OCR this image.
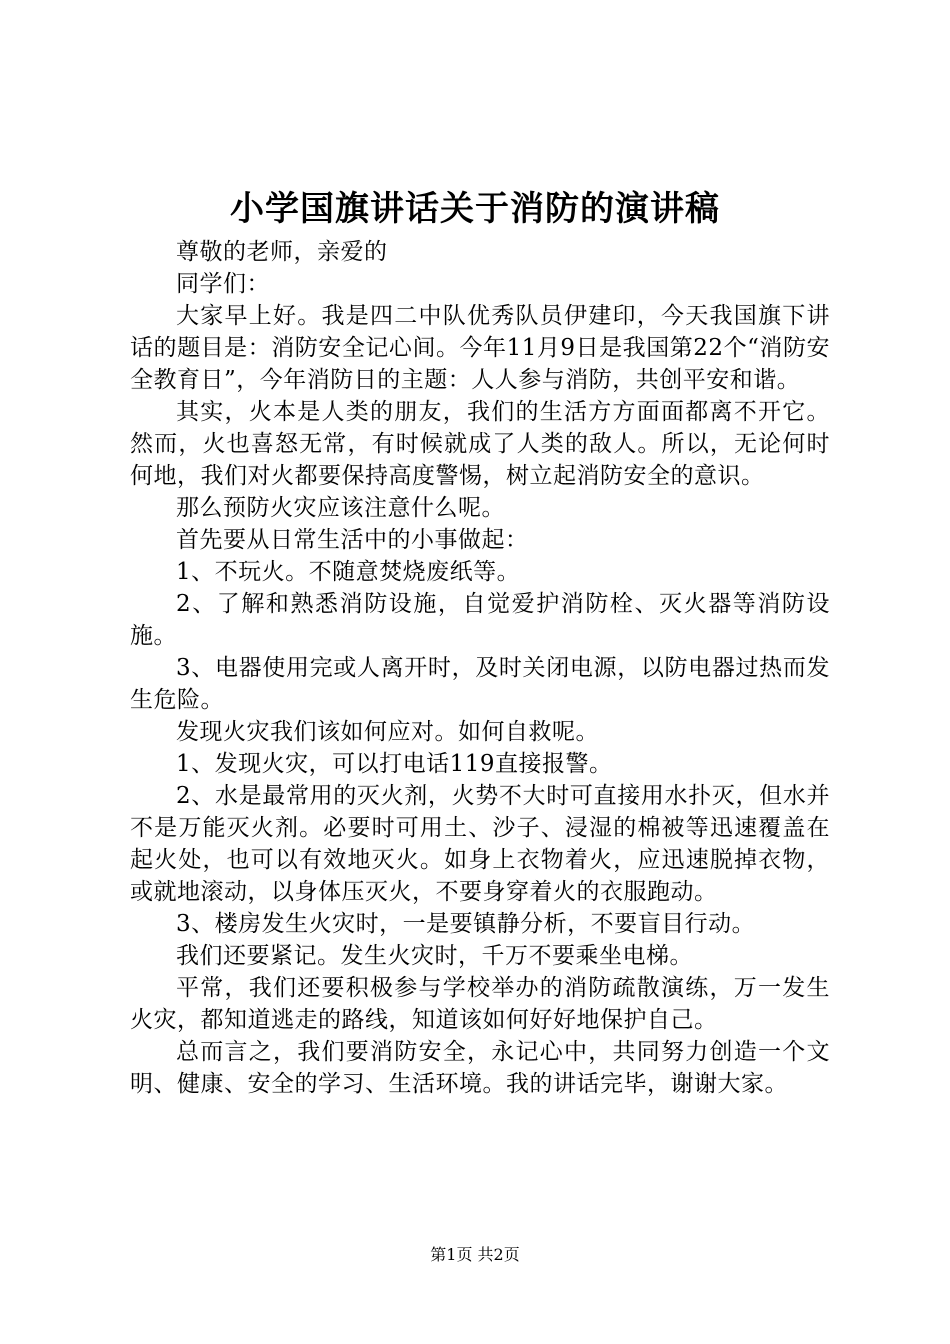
小学国旗讲话关于消防的演讲稿

尊敬的老师，亲爱的

同学们：

大家早上好。我是四二中队优秀队员伊建印，今天我国旗下讲话的题目是：消防安全记心间。今年11月9日是我国第22个“消防安全教育日”，今年消防日的主题：人人参与消防，共创平安和谐。

其实，火本是人类的朋友，我们的生活方方面面都离不开它。然而，火也喜怒无常，有时候就成了人类的敌人。所以，无论何时何地，我们对火都要保持高度警惕，树立起消防安全的意识。

那么预防火灾应该注意什么呢。

首先要从日常生活中的小事做起：

1、不玩火。不随意焚烧废纸等。

2、了解和熟悉消防设施，自觉爱护消防栓、灭火器等消防设施。

3、电器使用完或人离开时，及时关闭电源，以防电器过热而发生危险。

发现火灾我们该如何应对。如何自救呢。

1、发现火灾，可以打电话119直接报警。

2、水是最常用的灭火剂，火势不大时可直接用水扑灭，但水并不是万能灭火剂。必要时可用土、沙子、浸湿的棉被等迅速覆盖在起火处，也可以有效地灭火。如身上衣物着火，应迅速脱掉衣物，或就地滚动，以身体压灭火，不要身穿着火的衣服跑动。

3、楼房发生火灾时，一是要镇静分析，不要盲目行动。

我们还要紧记。发生火灾时，千万不要乘坐电梯。

平常，我们还要积极参与学校举办的消防疏散演练，万一发生火灾，都知道逃走的路线，知道该如何好好地保护自己。

总而言之，我们要消防安全，永记心中，共同努力创造一个文明、健康、安全的学习、生活环境。我的讲话完毕，谢谢大家。

第1页 共2页
